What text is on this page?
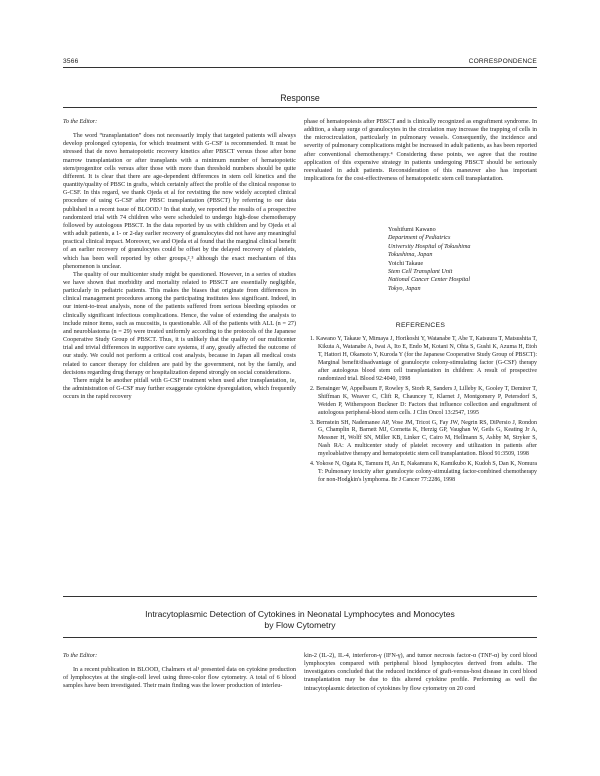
3566	CORRESPONDENCE
Response
To the Editor:

The word “transplantation” does not necessarily imply that targeted patients will always develop prolonged cytopenia, for which treatment with G-CSF is recommended. It must be stressed that de novo hematopoietic recovery kinetics after PBSCT versus those after bone marrow transplantation or after transplants with a minimum number of hematopoietic stem/progenitor cells versus after those with more than threshold numbers should be quite different. It is clear that there are age-dependent differences in stem cell kinetics and the quantity/quality of PBSC in grafts, which certainly affect the profile of the clinical response to G-CSF. In this regard, we thank Ojeda et al for revisiting the now widely accepted clinical procedure of using G-CSF after PBSC transplantation (PBSCT) by referring to our data published in a recent issue of BLOOD.¹ In that study, we reported the results of a prospective randomized trial with 74 children who were scheduled to undergo high-dose chemotherapy followed by autologous PBSCT. In the data reported by us with children and by Ojeda et al with adult patients, a 1- or 2-day earlier recovery of granulocytes did not have any meaningful practical clinical impact. Moreover, we and Ojeda et al found that the marginal clinical benefit of an earlier recovery of granulocytes could be offset by the delayed recovery of platelets, which has been well reported by other groups,²ˎ³ although the exact mechanism of this phenomenon is unclear.

The quality of our multicenter study might be questioned. However, in a series of studies we have shown that morbidity and mortality related to PBSCT are essentially negligible, particularly in pediatric patients. This makes the biases that originate from differences in clinical management procedures among the participating institutes less significant. Indeed, in our intent-to-treat analysis, none of the patients suffered from serious bleeding episodes or clinically significant infectious complications. Hence, the value of extending the analysis to include minor items, such as mucositis, is questionable. All of the patients with ALL (n = 27) and neuroblastoma (n = 29) were treated uniformly according to the protocols of the Japanese Cooperative Study Group of PBSCT. Thus, it is unlikely that the quality of our multicenter trial and trivial differences in supportive care systems, if any, greatly affected the outcome of our study. We could not perform a critical cost analysis, because in Japan all medical costs related to cancer therapy for children are paid by the government, not by the family, and decisions regarding drug therapy or hospitalization depend strongly on social considerations.

There might be another pitfall with G-CSF treatment when used after transplantation, ie, the administration of G-CSF may further exaggerate cytokine dysregulation, which frequently occurs in the rapid recovery

phase of hematopoiesis after PBSCT and is clinically recognized as engraftment syndrome. In addition, a sharp surge of granulocytes in the circulation may increase the trapping of cells in the microcirculation, particularly in pulmonary vessels. Consequently, the incidence and severity of pulmonary complications might be increased in adult patients, as has been reported after conventional chemotherapy.⁴ Considering these points, we agree that the routine application of this expensive strategy in patients undergoing PBSCT should be seriously reevaluated in adult patients. Reconsideration of this maneuver also has important implications for the cost-effectiveness of hematopoietic stem cell transplantation.

Yoshifumi Kawano
Department of Pediatrics
University Hospital of Tokushima
Tokushima, Japan
Yoichi Takaue
Stem Cell Transplant Unit
National Cancer Center Hospital
Tokyo, Japan
REFERENCES
1. Kawano Y, Takaue Y, Mimaya J, Horikoshi Y, Watanabe T, Abe T, Katsuura T, Matsushita T, Kikuta A, Watanabe A, Iwai A, Ito E, Endo M, Kotani N, Ohta S, Gushi K, Azuma H, Etoh T, Hattori H, Okamoto Y, Kuroda Y (for the Japanese Cooperative Study Group of PBSCT): Marginal benefit/disadvantage of granulocyte colony-stimulating factor (G-CSF) therapy after autologous blood stem cell transplantation in children: A result of prospective randomized trial. Blood 92:4040, 1998
2. Bensinger W, Appelbaum F, Rowley S, Storb R, Sanders J, Lilleby K, Gooley T, Demirer T, Shiffman K, Weaver C, Clift R, Chauncey T, Klarnet J, Montgomery P, Petersdorf S, Weiden P, Witherspoon Buckner D: Factors that influence collection and engraftment of autologous peripheral-blood stem cells. J Clin Oncol 13:2547, 1995
3. Bernstein SH, Nademanee AP, Vose JM, Tricot G, Fay JW, Negrin RS, DiPersio J, Rondon G, Champlin R, Barnett MJ, Cornetta K, Herzig GP, Vaughan W, Geils G, Keating Jr A, Messner H, Wolff SN, Miller KB, Linker C, Cairo M, Hellmann S, Ashby M, Stryker S, Nash RA: A multicenter study of platelet recovery and utilization in patients after myeloablative therapy and hematopoietic stem cell transplantation. Blood 91:3509, 1998
4. Yokose N, Ogata K, Tamura H, An E, Nakamura K, Kamikubo K, Kudoh S, Dan K, Nomura T: Pulmonary toxicity after granulocyte colony-stimulating factor-combined chemotherapy for non-Hodgkin's lymphoma. Br J Cancer 77:2286, 1998
Intracytoplasmic Detection of Cytokines in Neonatal Lymphocytes and Monocytes
by Flow Cytometry
To the Editor:

In a recent publication in BLOOD, Chalmers et al¹ presented data on cytokine production of lymphocytes at the single-cell level using three-color flow cytometry. A total of 6 blood samples have been investigated. Their main finding was the lower production of interleu-

kin-2 (IL-2), IL-4, interferon-γ (IFN-γ), and tumor necrosis factor-α (TNF-α) by cord blood lymphocytes compared with peripheral blood lymphocytes derived from adults. The investigators concluded that the reduced incidence of graft-versus-host disease in cord blood transplantation may be due to this altered cytokine profile. Performing as well the intracytoplasmic detection of cytokines by flow cytometry on 20 cord
